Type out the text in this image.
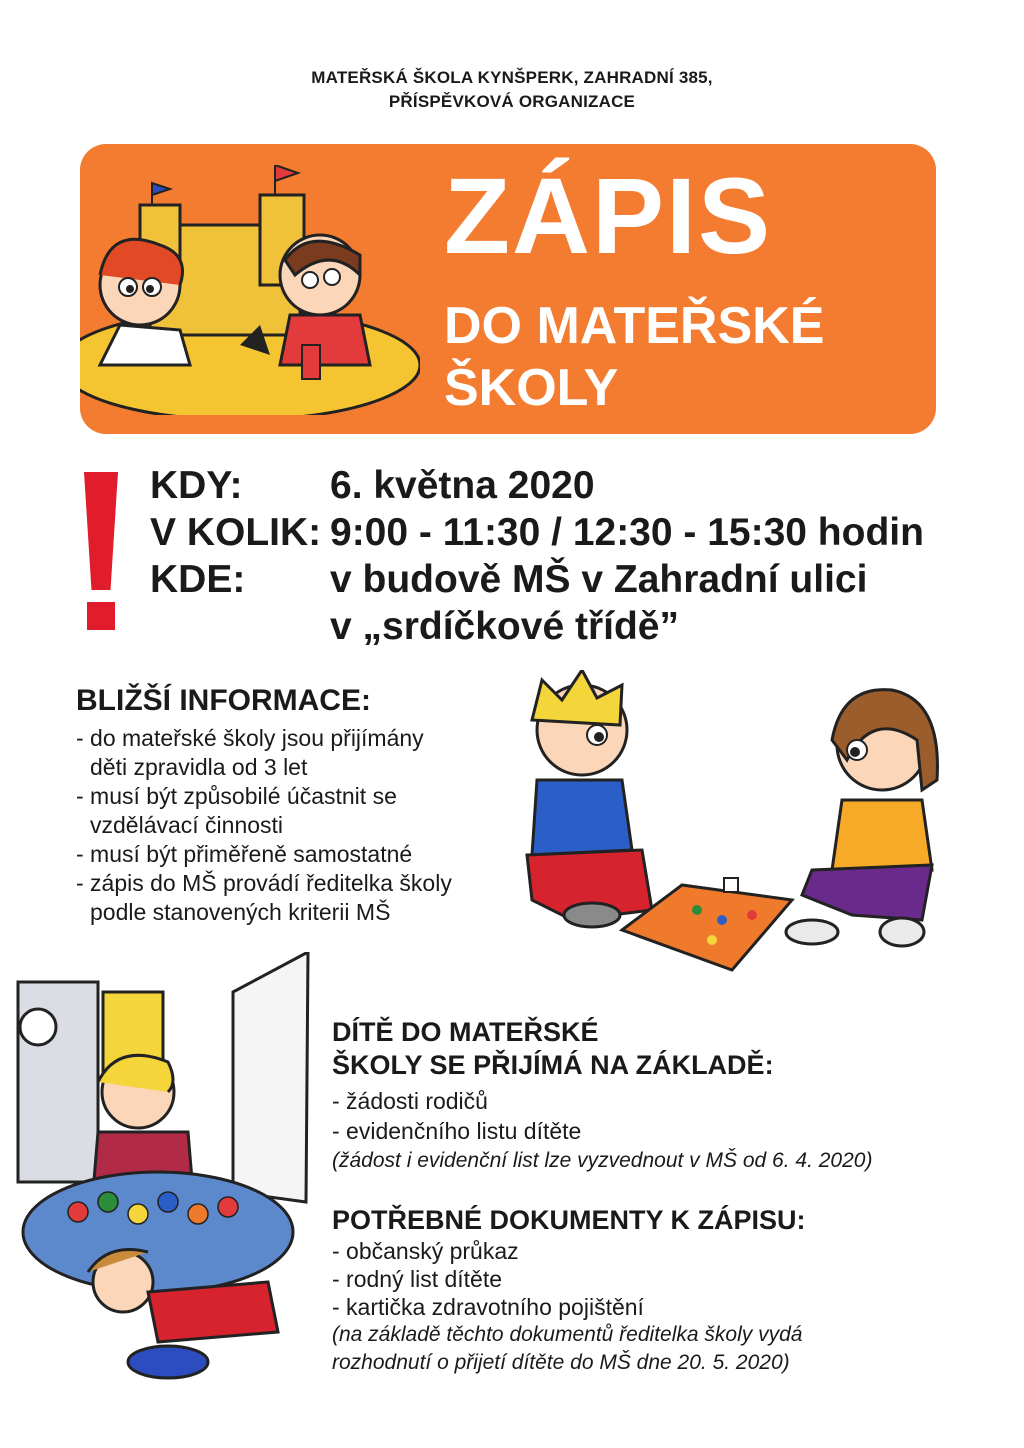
MATEŘSKÁ ŠKOLA KYNŠPERK, ZAHRADNÍ 385,
PŘÍSPĚVKOVÁ ORGANIZACE
ZÁPIS
DO MATEŘSKÉ
ŠKOLY
KDY: 6. května 2020
V KOLIK: 9:00 - 11:30 / 12:30 - 15:30 hodin
KDE: v budově MŠ v Zahradní ulici
v „srdíčkové třídě”
BLIŽŠÍ INFORMACE:
- do mateřské školy jsou přijímány
děti zpravidla od 3 let
- musí být způsobilé účastnit se
vzdělávací činnosti
- musí být přiměřeně samostatné
- zápis do MŠ provádí ředitelka školy
podle stanovených kriterii MŠ
DÍTĚ DO MATEŘSKÉ
ŠKOLY SE PŘIJÍMÁ NA ZÁKLADĚ:
- žádosti rodičů
- evidenčního listu dítěte
(žádost i evidenční list lze vyzvednout v MŠ od 6. 4. 2020)
POTŘEBNÉ DOKUMENTY K ZÁPISU:
- občanský průkaz
- rodný list dítěte
- kartička zdravotního pojištění
(na základě těchto dokumentů ředitelka školy vydá
rozhodnutí o přijetí dítěte do MŠ dne 20. 5. 2020)
